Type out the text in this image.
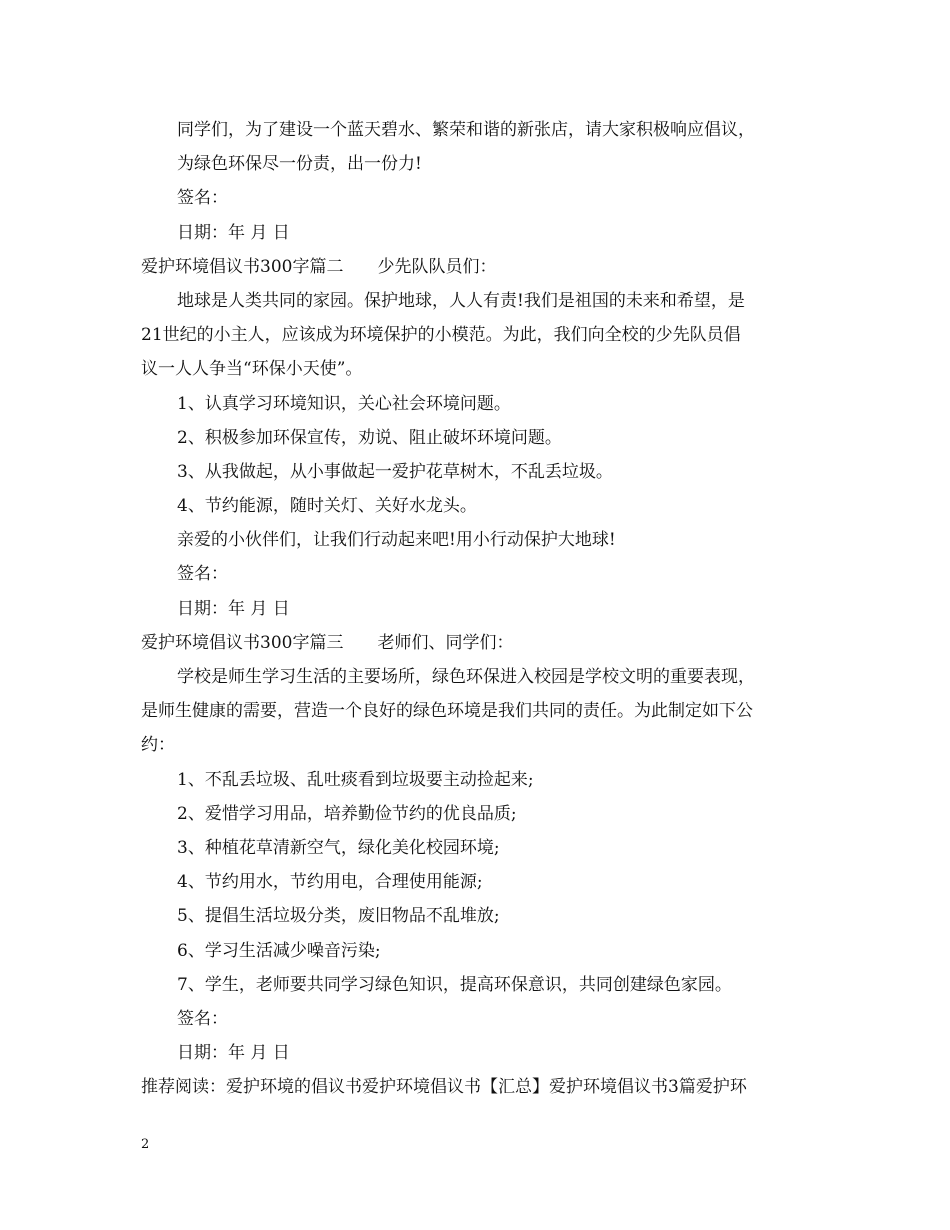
同学们，为了建设一个蓝天碧水、繁荣和谐的新张店，请大家积极响应倡议，
为绿色环保尽一份责，出一份力!
签名：
日期：年 月 日
爱护环境倡议书300字篇二 少先队队员们：
地球是人类共同的家园。保护地球，人人有责!我们是祖国的未来和希望，是
21世纪的小主人，应该成为环境保护的小模范。为此，我们向全校的少先队员倡
议一人人争当“环保小天使”。
1、认真学习环境知识，关心社会环境问题。
2、积极参加环保宣传，劝说、阻止破坏环境问题。
3、从我做起，从小事做起一爱护花草树木，不乱丢垃圾。
4、节约能源，随时关灯、关好水龙头。
亲爱的小伙伴们，让我们行动起来吧!用小行动保护大地球!
签名：
日期：年 月 日
爱护环境倡议书300字篇三 老师们、同学们：
学校是师生学习生活的主要场所，绿色环保进入校园是学校文明的重要表现，
是师生健康的需要，营造一个良好的绿色环境是我们共同的责任。为此制定如下公
约：
1、不乱丢垃圾、乱吐痰看到垃圾要主动捡起来;
2、爱惜学习用品，培养勤俭节约的优良品质;
3、种植花草清新空气，绿化美化校园环境;
4、节约用水，节约用电，合理使用能源;
5、提倡生活垃圾分类，废旧物品不乱堆放;
6、学习生活减少噪音污染;
7、学生，老师要共同学习绿色知识，提高环保意识，共同创建绿色家园。
签名：
日期：年 月 日
推荐阅读：爱护环境的倡议书爱护环境倡议书【汇总】爱护环境倡议书3篇爱护环
2
